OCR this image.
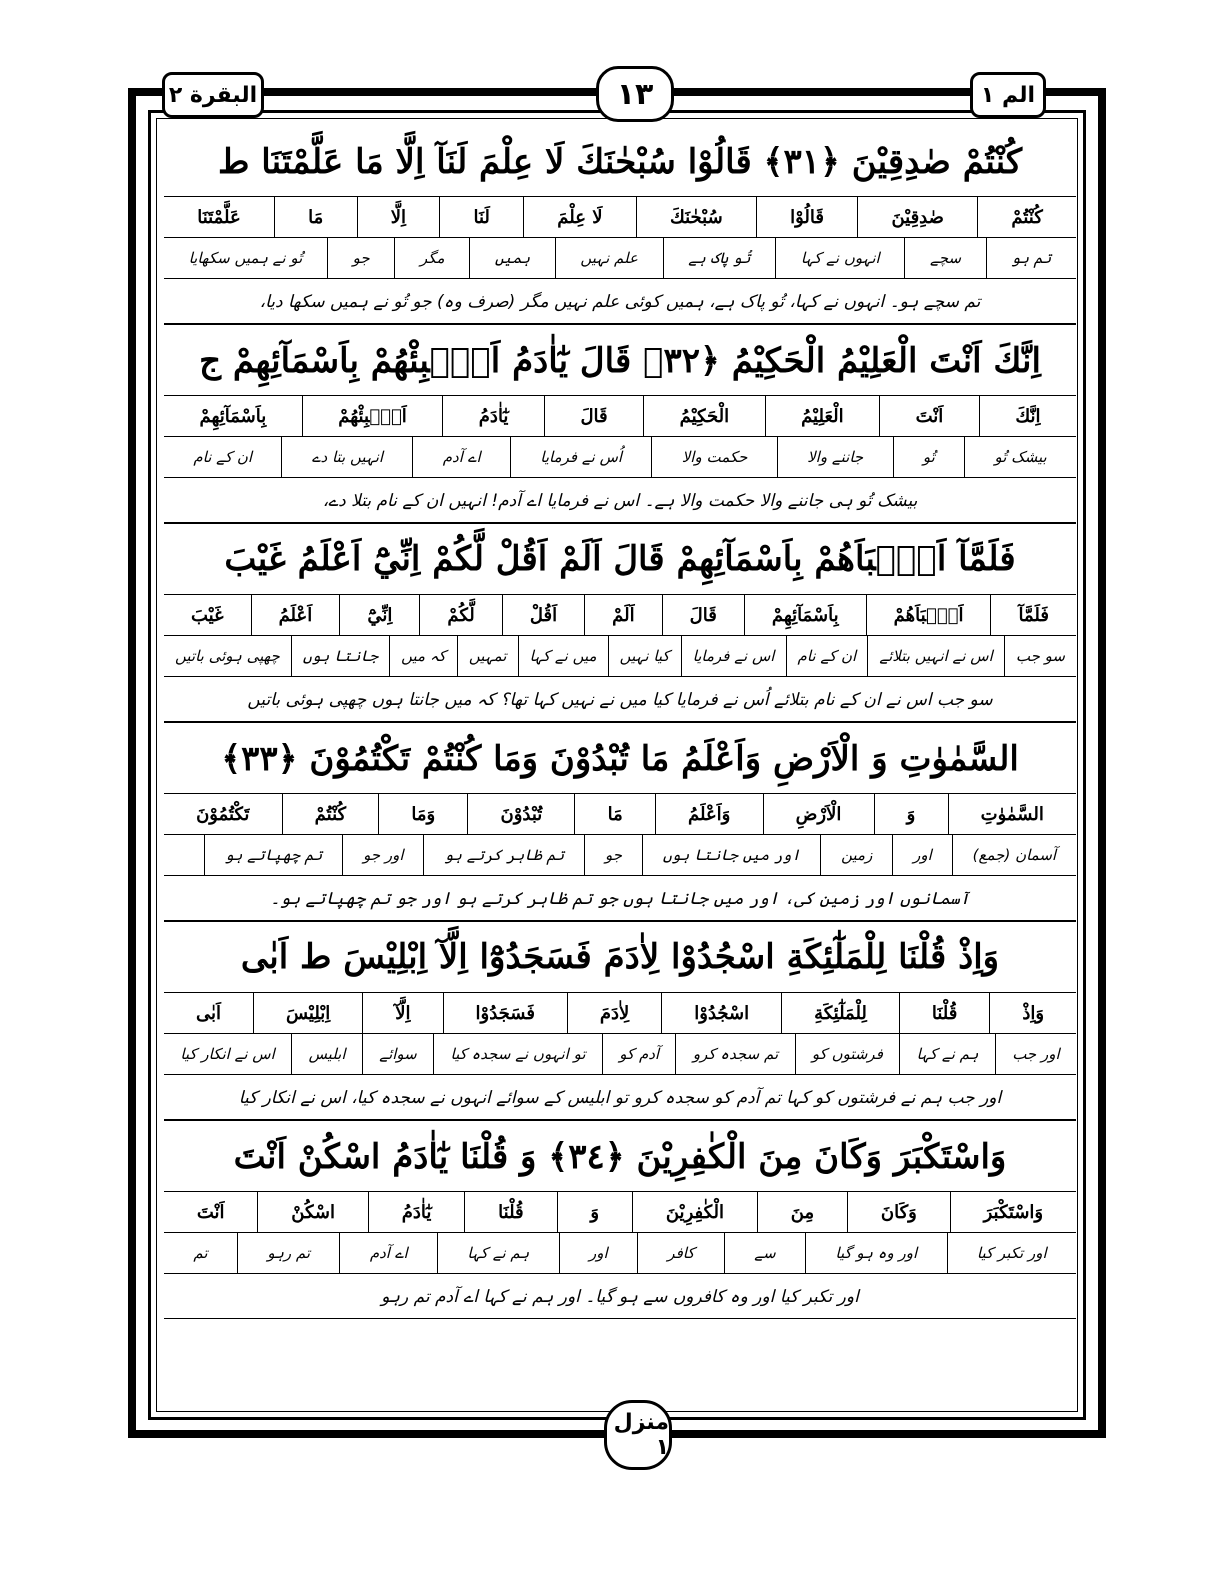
البقرة ٢	١٣	الم ١
كُنْتُمْ صٰدِقِيْنَ ﴿٣١﴾ قَالُوْا سُبْحٰنَكَ لَا عِلْمَ لَنَآ اِلَّا مَا عَلَّمْتَنَا ط
كُنْتُمْ
صٰدِقِيْنَ
قَالُوْا
سُبْحٰنَكَ
لَا عِلْمَ
لَنَا
اِلَّا
مَا
عَلَّمْتَنَا
تم ہو
سچے
انہوں نے کہا
تُو پاک ہے
علم نہیں
ہمیں
مگر
جو
تُو نے ہمیں سکھایا
تم سچے ہو۔ انہوں نے کہا، تُو پاک ہے، ہمیں کوئی علم نہیں مگر (صرف وہ) جو تُو نے ہمیں سکھا دیا،
اِنَّكَ اَنْتَ الْعَلِيْمُ الْحَكِيْمُ ﴿٣٢﴾ قَالَ يٰٓاٰدَمُ اَنْۢبِئْهُمْ بِاَسْمَآئِهِمْ ج
اِنَّكَ
اَنْتَ
الْعَلِيْمُ
الْحَكِيْمُ
قَالَ
يٰٓاٰدَمُ
اَنْۢبِئْهُمْ
بِاَسْمَآئِهِمْ
بیشک تُو
تُو
جاننے والا
حکمت والا
اُس نے فرمایا
اے آدم
انہیں بتا دے
ان کے نام
بیشک تُو ہی جاننے والا حکمت والا ہے۔ اس نے فرمایا اے آدم! انہیں ان کے نام بتلا دے،
فَلَمَّآ اَنْۢبَاَهُمْ بِاَسْمَآئِهِمْ قَالَ اَلَمْ اَقُلْ لَّكُمْ اِنِّيْٓ اَعْلَمُ غَيْبَ
فَلَمَّآ
اَنْۢبَاَهُمْ
بِاَسْمَآئِهِمْ
قَالَ
اَلَمْ
اَقُلْ
لَّكُمْ
اِنِّيْٓ
اَعْلَمُ
غَيْبَ
سو جب
اس نے انہیں بتلائے
ان کے نام
اس نے فرمایا
کیا نہیں
میں نے کہا
تمہیں
کہ میں
جانتا ہوں
چھپی ہوئی باتیں
سو جب اس نے ان کے نام بتلائے اُس نے فرمایا کیا میں نے نہیں کہا تھا؟ کہ میں جانتا ہوں چھپی ہوئی باتیں
السَّمٰوٰتِ وَ الْاَرْضِ وَاَعْلَمُ مَا تُبْدُوْنَ وَمَا كُنْتُمْ تَكْتُمُوْنَ ﴿٣٣﴾
السَّمٰوٰتِ
وَ
الْاَرْضِ
وَاَعْلَمُ
مَا
تُبْدُوْنَ
وَمَا
كُنْتُمْ
تَكْتُمُوْنَ
آسمان (جمع)
اور
زمین
اور میں جانتا ہوں
جو
تم ظاہر کرتے ہو
اور جو
تم چھپاتے ہو
آسمانوں اور زمین کی، اور میں جانتا ہوں جو تم ظاہر کرتے ہو اور جو تم چھپاتے ہو۔
وَاِذْ قُلْنَا لِلْمَلٰٓئِكَةِ اسْجُدُوْا لِاٰدَمَ فَسَجَدُوْٓا اِلَّآ اِبْلِيْسَ ط اَبٰى
وَاِذْ
قُلْنَا
لِلْمَلٰٓئِكَةِ
اسْجُدُوْا
لِاٰدَمَ
فَسَجَدُوْا
اِلَّآ
اِبْلِيْسَ
اَبٰى
اور جب
ہم نے کہا
فرشتوں کو
تم سجدہ کرو
آدم کو
تو انہوں نے سجدہ کیا
سوائے
ابلیس
اس نے انکار کیا
اور جب ہم نے فرشتوں کو کہا تم آدم کو سجدہ کرو تو ابلیس کے سوائے انہوں نے سجدہ کیا، اس نے انکار کیا
وَاسْتَكْبَرَ وَكَانَ مِنَ الْكٰفِرِيْنَ ﴿٣٤﴾ وَ قُلْنَا يٰٓاٰدَمُ اسْكُنْ اَنْتَ
وَاسْتَكْبَرَ
وَكَانَ
مِنَ
الْكٰفِرِيْنَ
وَ
قُلْنَا
يٰٓاٰدَمُ
اسْكُنْ
اَنْتَ
اور تکبر کیا
اور وہ ہو گیا
سے
کافر
اور
ہم نے کہا
اے آدم
تم رہو
تم
اور تکبر کیا اور وہ کافروں سے ہو گیا۔ اور ہم نے کہا اے آدم تم رہو
منزل ١
